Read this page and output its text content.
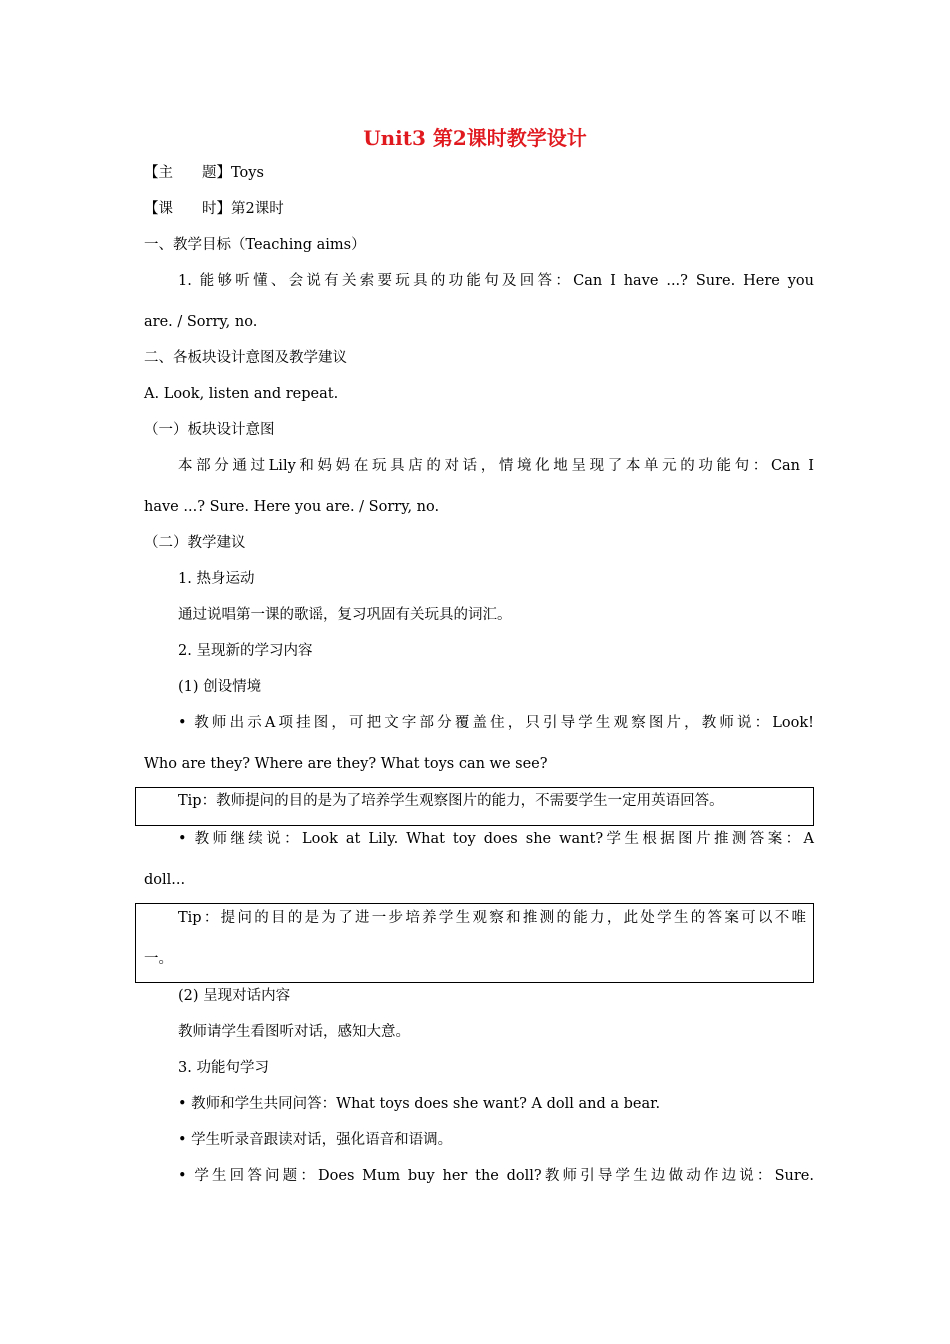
Unit3 第2课时教学设计
【主　　题】Toys
【课　　时】第2课时
一、教学目标（Teaching aims）
1. 能够听懂、会说有关索要玩具的功能句及回答：Can I have ...? Sure. Here you
are. / Sorry, no.
二、各板块设计意图及教学建议
A. Look, listen and repeat.
（一）板块设计意图
本部分通过Lily和妈妈在玩具店的对话，情境化地呈现了本单元的功能句：Can I
have ...? Sure. Here you are. / Sorry, no.
（二）教学建议
1. 热身运动
通过说唱第一课的歌谣，复习巩固有关玩具的词汇。
2. 呈现新的学习内容
(1) 创设情境
• 教师出示A项挂图，可把文字部分覆盖住，只引导学生观察图片，教师说：Look!
Who are they? Where are they? What toys can we see?
Tip：教师提问的目的是为了培养学生观察图片的能力，不需要学生一定用英语回答。
• 教师继续说：Look at Lily. What toy does she want?学生根据图片推测答案：A
doll...
Tip：提问的目的是为了进一步培养学生观察和推测的能力，此处学生的答案可以不唯
一。
(2) 呈现对话内容
教师请学生看图听对话，感知大意。
3. 功能句学习
• 教师和学生共同问答：What toys does she want? A doll and a bear.
• 学生听录音跟读对话，强化语音和语调。
• 学生回答问题：Does Mum buy her the doll?教师引导学生边做动作边说：Sure.
